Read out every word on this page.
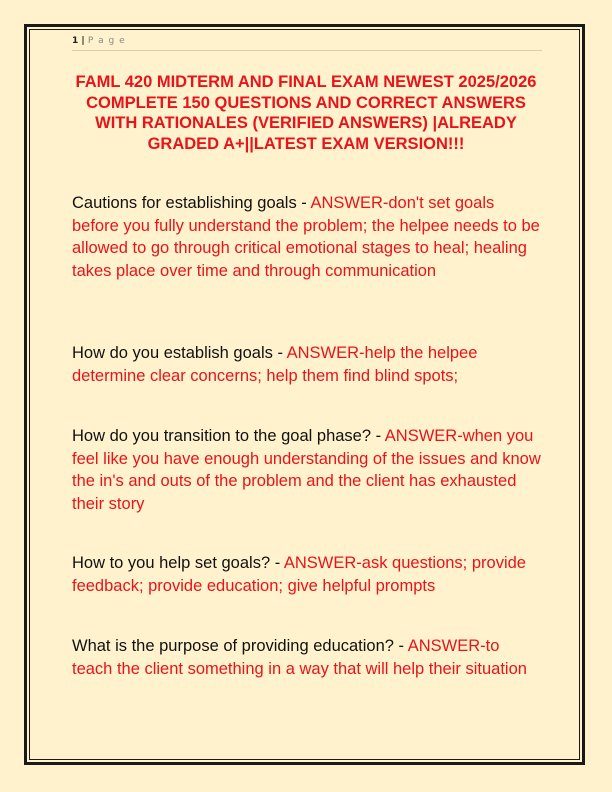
1 | P a g e
FAML 420 MIDTERM AND FINAL EXAM NEWEST 2025/2026 COMPLETE 150 QUESTIONS AND CORRECT ANSWERS WITH RATIONALES (VERIFIED ANSWERS) |ALREADY GRADED A+||LATEST EXAM VERSION!!!
Cautions for establishing goals - ANSWER-don't set goals before you fully understand the problem; the helpee needs to be allowed to go through critical emotional stages to heal; healing takes place over time and through communication
How do you establish goals - ANSWER-help the helpee determine clear concerns; help them find blind spots;
How do you transition to the goal phase? - ANSWER-when you feel like you have enough understanding of the issues and know the in's and outs of the problem and the client has exhausted their story
How to you help set goals? - ANSWER-ask questions; provide feedback; provide education; give helpful prompts
What is the purpose of providing education? - ANSWER-to teach the client something in a way that will help their situation
